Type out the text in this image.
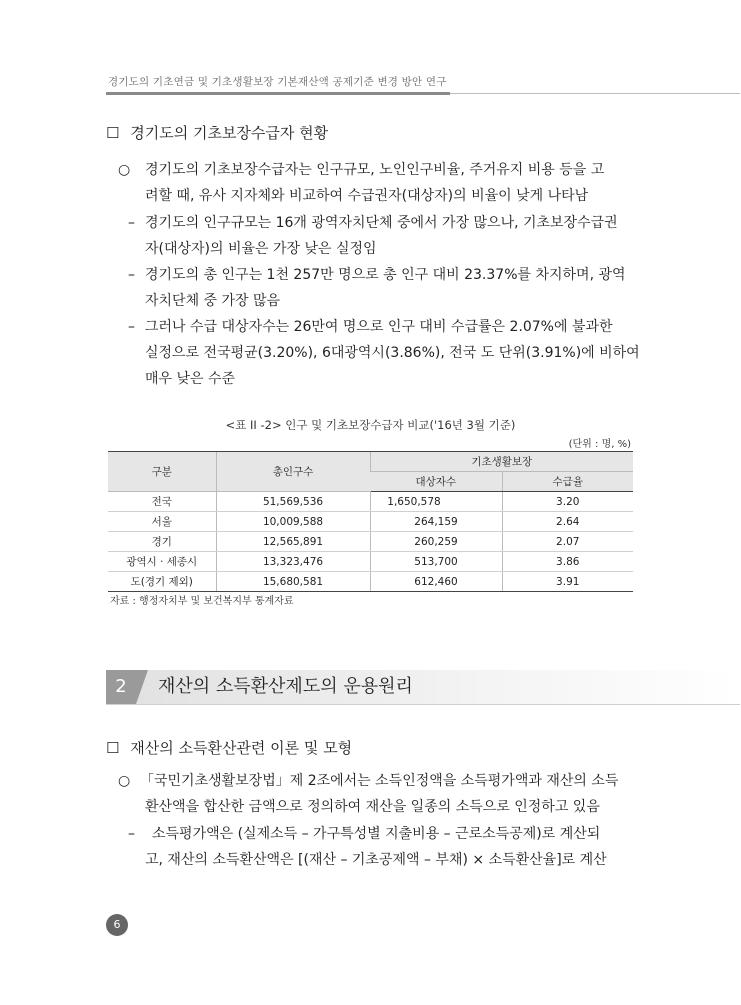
경기도의 기초연금 및 기초생활보장 기본재산액 공제기준 변경 방안 연구
☐ 경기도의 기초보장수급자 현황
○ 경기도의 기초보장수급자는 인구규모, 노인인구비율, 주거유지 비용 등을 고
려할 때, 유사 지자체와 비교하여 수급권자(대상자)의 비율이 낮게 나타남
– 경기도의 인구규모는 16개 광역자치단체 중에서 가장 많으나, 기초보장수급권
자(대상자)의 비율은 가장 낮은 실정임
– 경기도의 총 인구는 1천 257만 명으로 총 인구 대비 23.37%를 차지하며, 광역
자치단체 중 가장 많음
– 그러나 수급 대상자수는 26만여 명으로 인구 대비 수급률은 2.07%에 불과한
실정으로 전국평균(3.20%), 6대광역시(3.86%), 전국 도 단위(3.91%)에 비하여
매우 낮은 수준
<표 II -2> 인구 및 기초보장수급자 비교('16년 3월 기준)
(단위 : 명, %)
구분	총인구수	기초생활보장	
		대상자수	수급율
전국	51,569,536	1,650,578	3.20
서울	10,009,588	264,159	2.64
경기	12,565,891	260,259	2.07
광역시 · 세종시	13,323,476	513,700	3.86
도(경기 제외)	15,680,581	612,460	3.91
자료 : 행정자치부 및 보건복지부 통계자료
2	재산의 소득환산제도의 운용원리
☐ 재산의 소득환산관련 이론 및 모형
○ 「국민기초생활보장법」제 2조에서는 소득인정액을 소득평가액과 재산의 소득
환산액을 합산한 금액으로 정의하여 재산을 일종의 소득으로 인정하고 있음
– 소득평가액은 (실제소득 – 가구특성별 지출비용 – 근로소득공제)로 계산되
고, 재산의 소득환산액은 [(재산 – 기초공제액 – 부채) × 소득환산율]로 계산
6
